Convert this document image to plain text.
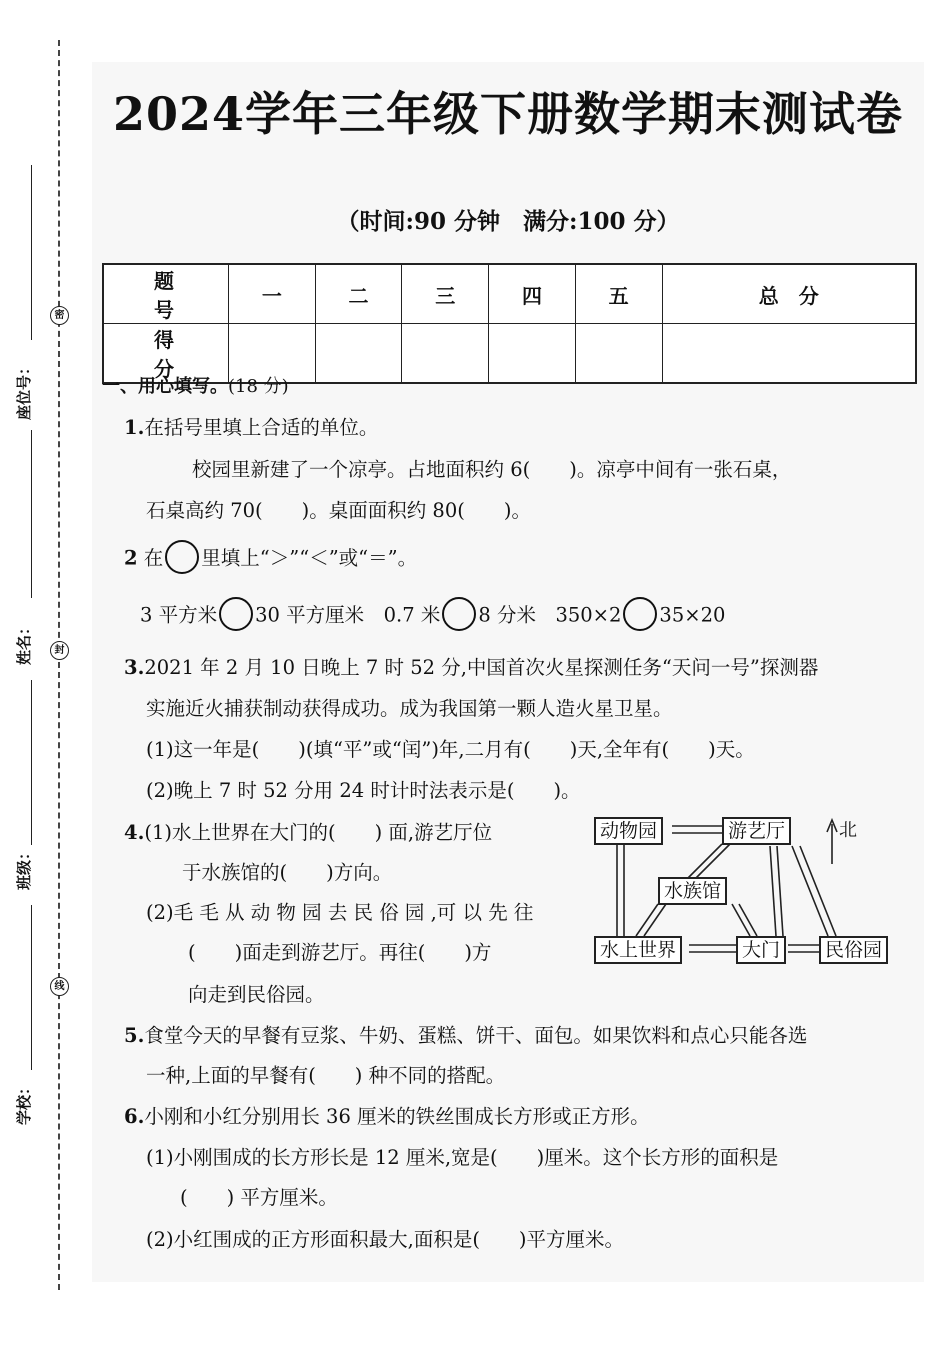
密
封
线
座位号：
姓名：
班级：
学校：
2024学年三年级下册数学期末测试卷
（时间:90 分钟　满分:100 分）
题　号	一	二	三	四	五	总　分
得　分						
一、用心填写。(18 分)
1.在括号里填上合适的单位。
校园里新建了一个凉亭。占地面积约 6(　　)。凉亭中间有一张石桌，
石桌高约 70(　　)。桌面面积约 80(　　)。
2 在 里填上“＞”“＜”或“＝”。
3 平方米 30 平方厘米　0.7 米 8 分米　350×2 35×20
3.2021 年 2 月 10 日晚上 7 时 52 分,中国首次火星探测任务“天问一号”探测器
实施近火捕获制动获得成功。成为我国第一颗人造火星卫星。
(1)这一年是(　　)(填“平”或“闰”)年,二月有(　　)天,全年有(　　)天。
(2)晚上 7 时 52 分用 24 时计时法表示是(　　)。
4.(1)水上世界在大门的(　　) 面,游艺厅位
于水族馆的(　　)方向。
(2)毛 毛 从 动 物 园 去 民 俗 园 ,可 以 先 往
(　　)面走到游艺厅。再往(　　)方
向走到民俗园。
5.食堂今天的早餐有豆浆、牛奶、蛋糕、饼干、面包。如果饮料和点心只能各选
一种,上面的早餐有(　　) 种不同的搭配。
6.小刚和小红分别用长 36 厘米的铁丝围成长方形或正方形。
(1)小刚围成的长方形长是 12 厘米,宽是(　　)厘米。这个长方形的面积是
(　　) 平方厘米。
(2)小红围成的正方形面积最大,面积是(　　)平方厘米。
动物园	游艺厅
水族馆
水上世界	大门	民俗园
北
